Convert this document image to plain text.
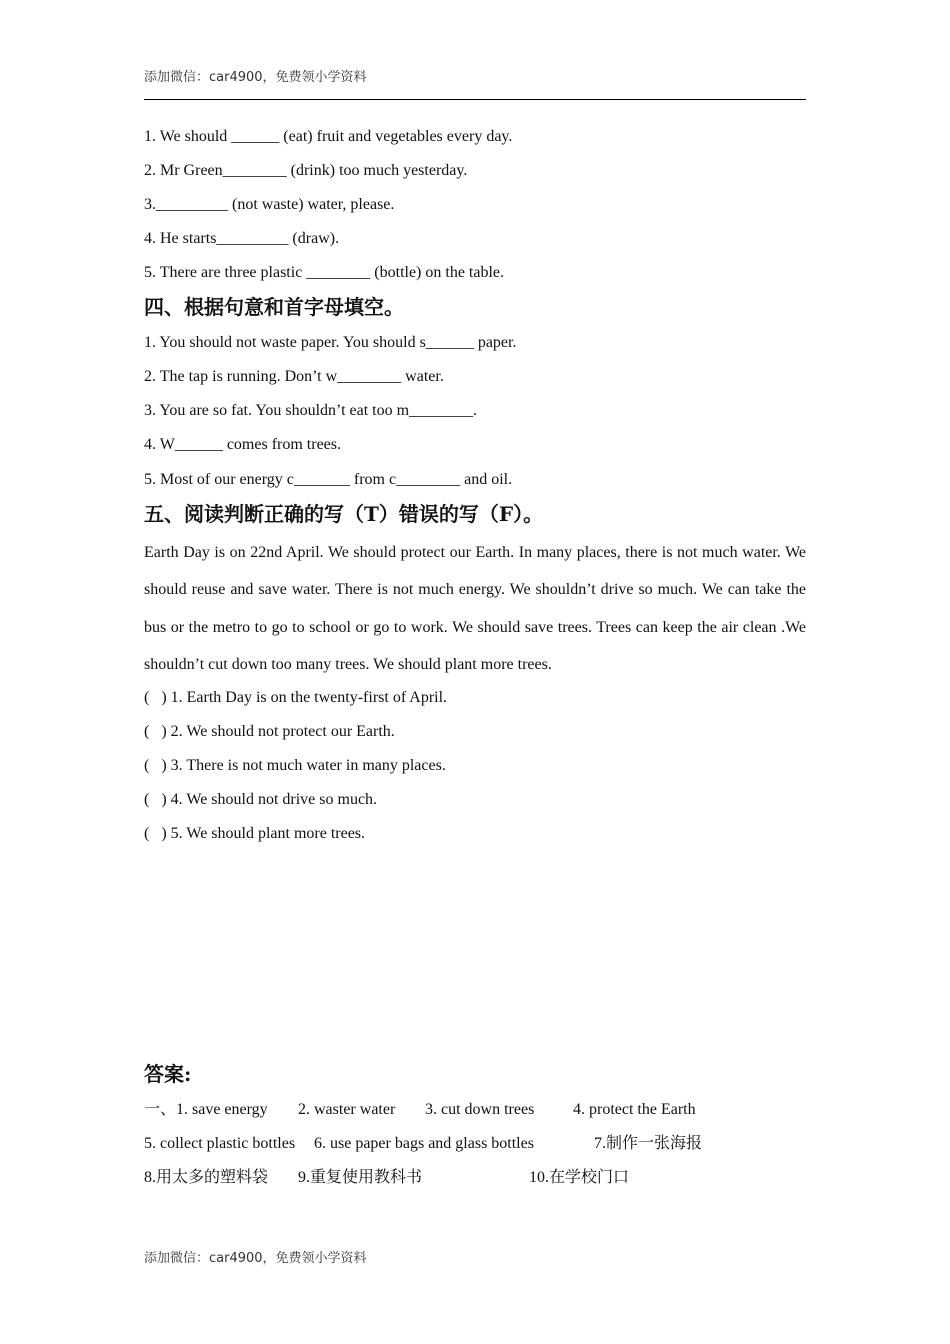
添加微信：car4900，免费领小学资料
1. We should ______ (eat) fruit and vegetables every day.
2. Mr Green________ (drink) too much yesterday.
3._________ (not waste) water, please.
4. He starts_________ (draw).
5. There are three plastic ________ (bottle) on the table.
四、根据句意和首字母填空。
1. You should not waste paper. You should s______ paper.
2. The tap is running. Don’t w________ water.
3. You are so fat. You shouldn’t eat too m________.
4. W______ comes from trees.
5. Most of our energy c_______ from c________ and oil.
五、阅读判断正确的写（T）错误的写（F）。

Earth Day is on 22nd April. We should protect our Earth. In many places, there is not much water. We should reuse and save water. There is not much energy. We shouldn’t drive so much. We can take the bus or the metro to go to school or go to work. We should save trees. Trees can keep the air clean .We shouldn’t cut down too many trees. We should plant more trees.

(   ) 1. Earth Day is on the twenty-first of April.
(   ) 2. We should not protect our Earth.
(   ) 3. There is not much water in many places.
(   ) 4. We should not drive so much.
(   ) 5. We should plant more trees.
答案:
一、1. save energy 2. waster water 3. cut down trees 4. protect the Earth
5. collect plastic bottles 6. use paper bags and glass bottles	7.制作一张海报
8.用太多的塑料袋 9.重复使用教科书	10.在学校门口
添加微信：car4900，免费领小学资料
